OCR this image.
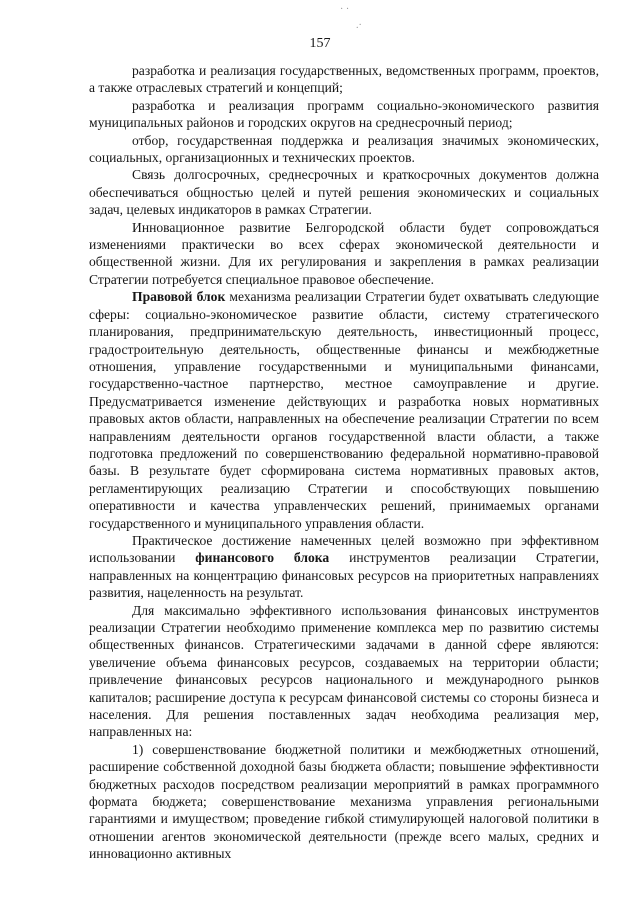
· ·
.·
157

разработка и реализация государственных, ведомственных программ, проектов, а также отраслевых стратегий и концепций;

разработка и реализация программ социально-экономического развития муниципальных районов и городских округов на среднесрочный период;

отбор, государственная поддержка и реализация значимых экономических, социальных, организационных и технических проектов.

Связь долгосрочных, среднесрочных и краткосрочных документов должна обеспечиваться общностью целей и путей решения экономических и социальных задач, целевых индикаторов в рамках Стратегии.

Инновационное развитие Белгородской области будет сопровождаться изменениями практически во всех сферах экономической деятельности и общественной жизни. Для их регулирования и закрепления в рамках реализации Стратегии потребуется специальное правовое обеспечение.

Правовой блок механизма реализации Стратегии будет охватывать следующие сферы: социально-экономическое развитие области, систему стратегического планирования, предпринимательскую деятельность, инвестиционный процесс, градостроительную деятельность, общественные финансы и межбюджетные отношения, управление государственными и муниципальными финансами, государственно-частное партнерство, местное самоуправление и другие. Предусматривается изменение действующих и разработка новых нормативных правовых актов области, направленных на обеспечение реализации Стратегии по всем направлениям деятельности органов государственной власти области, а также подготовка предложений по совершенствованию федеральной нормативно-правовой базы. В результате будет сформирована система нормативных правовых актов, регламентирующих реализацию Стратегии и способствующих повышению оперативности и качества управленческих решений, принимаемых органами государственного и муниципального управления области.

Практическое достижение намеченных целей возможно при эффективном использовании финансового блока инструментов реализации Стратегии, направленных на концентрацию финансовых ресурсов на приоритетных направлениях развития, нацеленность на результат.

Для максимально эффективного использования финансовых инструментов реализации Стратегии необходимо применение комплекса мер по развитию системы общественных финансов. Стратегическими задачами в данной сфере являются: увеличение объема финансовых ресурсов, создаваемых на территории области; привлечение финансовых ресурсов национального и международного рынков капиталов; расширение доступа к ресурсам финансовой системы со стороны бизнеса и населения. Для решения поставленных задач необходима реализация мер, направленных на:

1) совершенствование бюджетной политики и межбюджетных отношений, расширение собственной доходной базы бюджета области; повышение эффективности бюджетных расходов посредством реализации мероприятий в рамках программного формата бюджета; совершенствование механизма управления региональными гарантиями и имуществом; проведение гибкой стимулирующей налоговой политики в отношении агентов экономической деятельности (прежде всего малых, средних и инновационно активных
